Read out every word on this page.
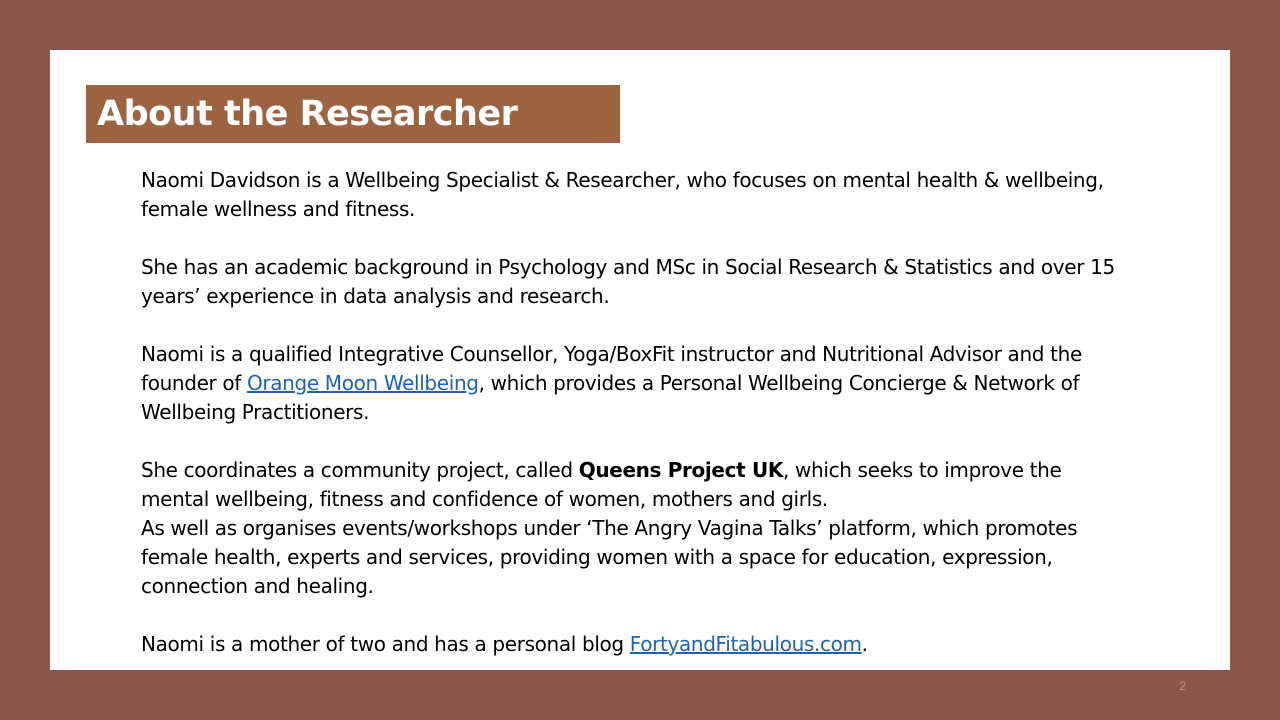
About the Researcher

Naomi Davidson is a Wellbeing Specialist & Researcher, who focuses on mental health & wellbeing, female wellness and fitness.

She has an academic background in Psychology and MSc in Social Research & Statistics and over 15 years’ experience in data analysis and research.

Naomi is a qualified Integrative Counsellor, Yoga/BoxFit instructor and Nutritional Advisor and the founder of Orange Moon Wellbeing, which provides a Personal Wellbeing Concierge & Network of Wellbeing Practitioners.

She coordinates a community project, called Queens Project UK, which seeks to improve the mental wellbeing, fitness and confidence of women, mothers and girls.

As well as organises events/workshops under ‘The Angry Vagina Talks’ platform, which promotes female health, experts and services, providing women with a space for education, expression, connection and healing.

Naomi is a mother of two and has a personal blog FortyandFitabulous.com.

2
